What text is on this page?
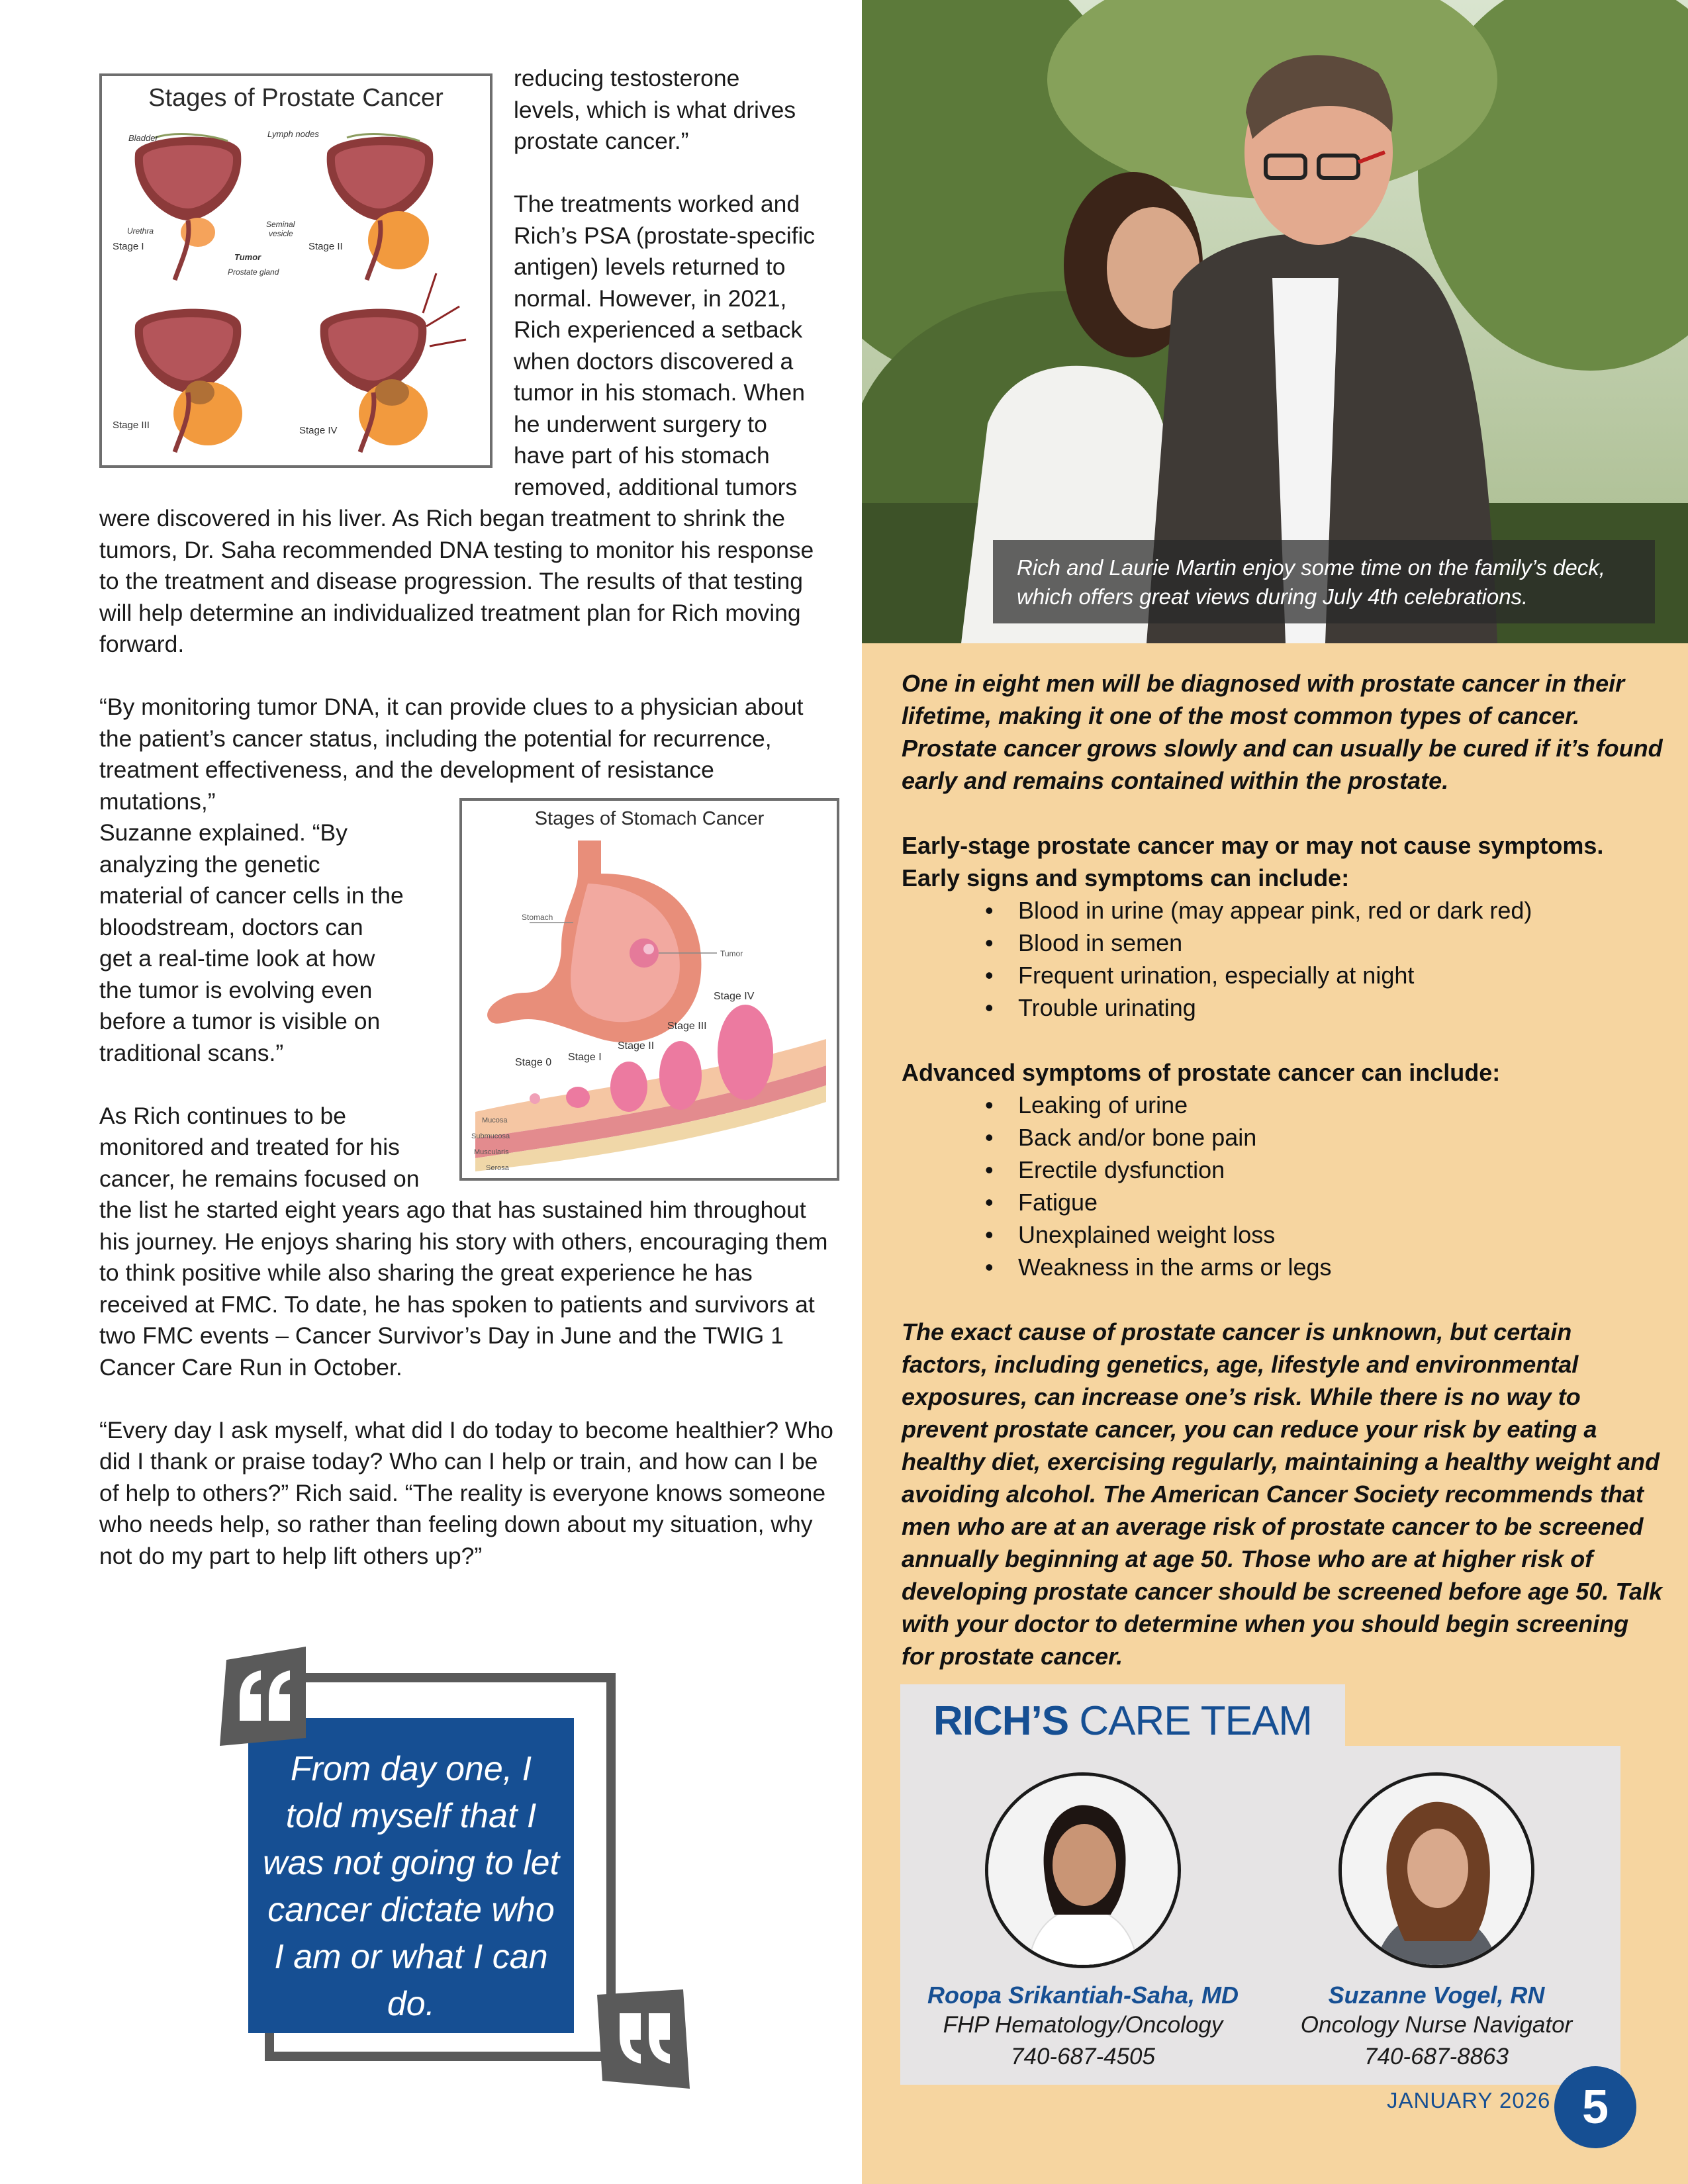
Stages of Prostate Cancer
Bladder	Lymph nodes
Urethra
Seminal
vesicle
Tumor
Prostate gland
Stage I	Stage II
Stage III	Stage IV

reducing testosterone
levels, which is what drives
prostate cancer.”

The treatments worked and
Rich’s PSA (prostate-specific
antigen) levels returned to
normal. However, in 2021,
Rich experienced a setback
when doctors discovered a
tumor in his stomach. When
he underwent surgery to
have part of his stomach
removed, additional tumors were discovered in his liver. As Rich began treatment to shrink the tumors, Dr. Saha recommended DNA testing to monitor his response to the treatment and disease progression. The results of that testing will help determine an individualized treatment plan for Rich moving forward.

“By monitoring tumor DNA, it can provide clues to a physician about the patient’s cancer status, including the potential for recurrence, treatment effectiveness, and the development of
Stages of Stomach Cancer
Stomach
Tumor
Stage 0 Stage I
Stage II
Stage III
Stage IV
Mucosa
Submucosa
Muscularis
Serosa
resistance mutations,”
Suzanne explained. “By
analyzing the genetic
material of cancer cells in the
bloodstream, doctors can
get a real-time look at how
the tumor is evolving even
before a tumor is visible on
traditional scans.”

As Rich continues to be
monitored and treated for his
cancer, he remains focused on the list he started eight years ago that has sustained him throughout his journey. He enjoys sharing his story with others, encouraging them to think positive while also sharing the great experience he has received at FMC. To date, he has spoken to patients and survivors at two FMC events – Cancer Survivor’s Day in June and the TWIG 1 Cancer Care Run in October.

“Every day I ask myself, what did I do today to become healthier? Who did I thank or praise today? Who can I help or train, and how can I be of help to others?” Rich said. “The reality is everyone knows someone who needs help, so rather than feeling down about my situation, why not do my part to help lift others up?”

From day one, I told myself that I was not going to let cancer dictate who I am or what I can do.
Rich and Laurie Martin enjoy some time on the family’s deck, which offers great views during July 4th celebrations.

One in eight men will be diagnosed with prostate cancer in their lifetime, making it one of the most common types of cancer. Prostate cancer grows slowly and can usually be cured if it’s found early and remains contained within the prostate.

Early-stage prostate cancer may or may not cause symptoms.
Early signs and symptoms can include:

• Blood in urine (may appear pink, red or dark red)
• Blood in semen
• Frequent urination, especially at night
• Trouble urinating

Advanced symptoms of prostate cancer can include:

• Leaking of urine
• Back and/or bone pain
• Erectile dysfunction
• Fatigue
• Unexplained weight loss
• Weakness in the arms or legs

The exact cause of prostate cancer is unknown, but certain factors, including genetics, age, lifestyle and environmental exposures, can increase one’s risk. While there is no way to prevent prostate cancer, you can reduce your risk by eating a healthy diet, exercising regularly, maintaining a healthy weight and avoiding alcohol. The American Cancer Society recommends that men who are at an average risk of prostate cancer to be screened annually beginning at age 50. Those who are at higher risk of developing prostate cancer should be screened before age 50. Talk with your doctor to determine when you should begin screening for prostate cancer.

RICH’S CARE TEAM
Roopa Srikantiah-Saha, MD
FHP Hematology/Oncology
740-687-4505
Suzanne Vogel, RN
Oncology Nurse Navigator
740-687-8863
JANUARY 2026 5
